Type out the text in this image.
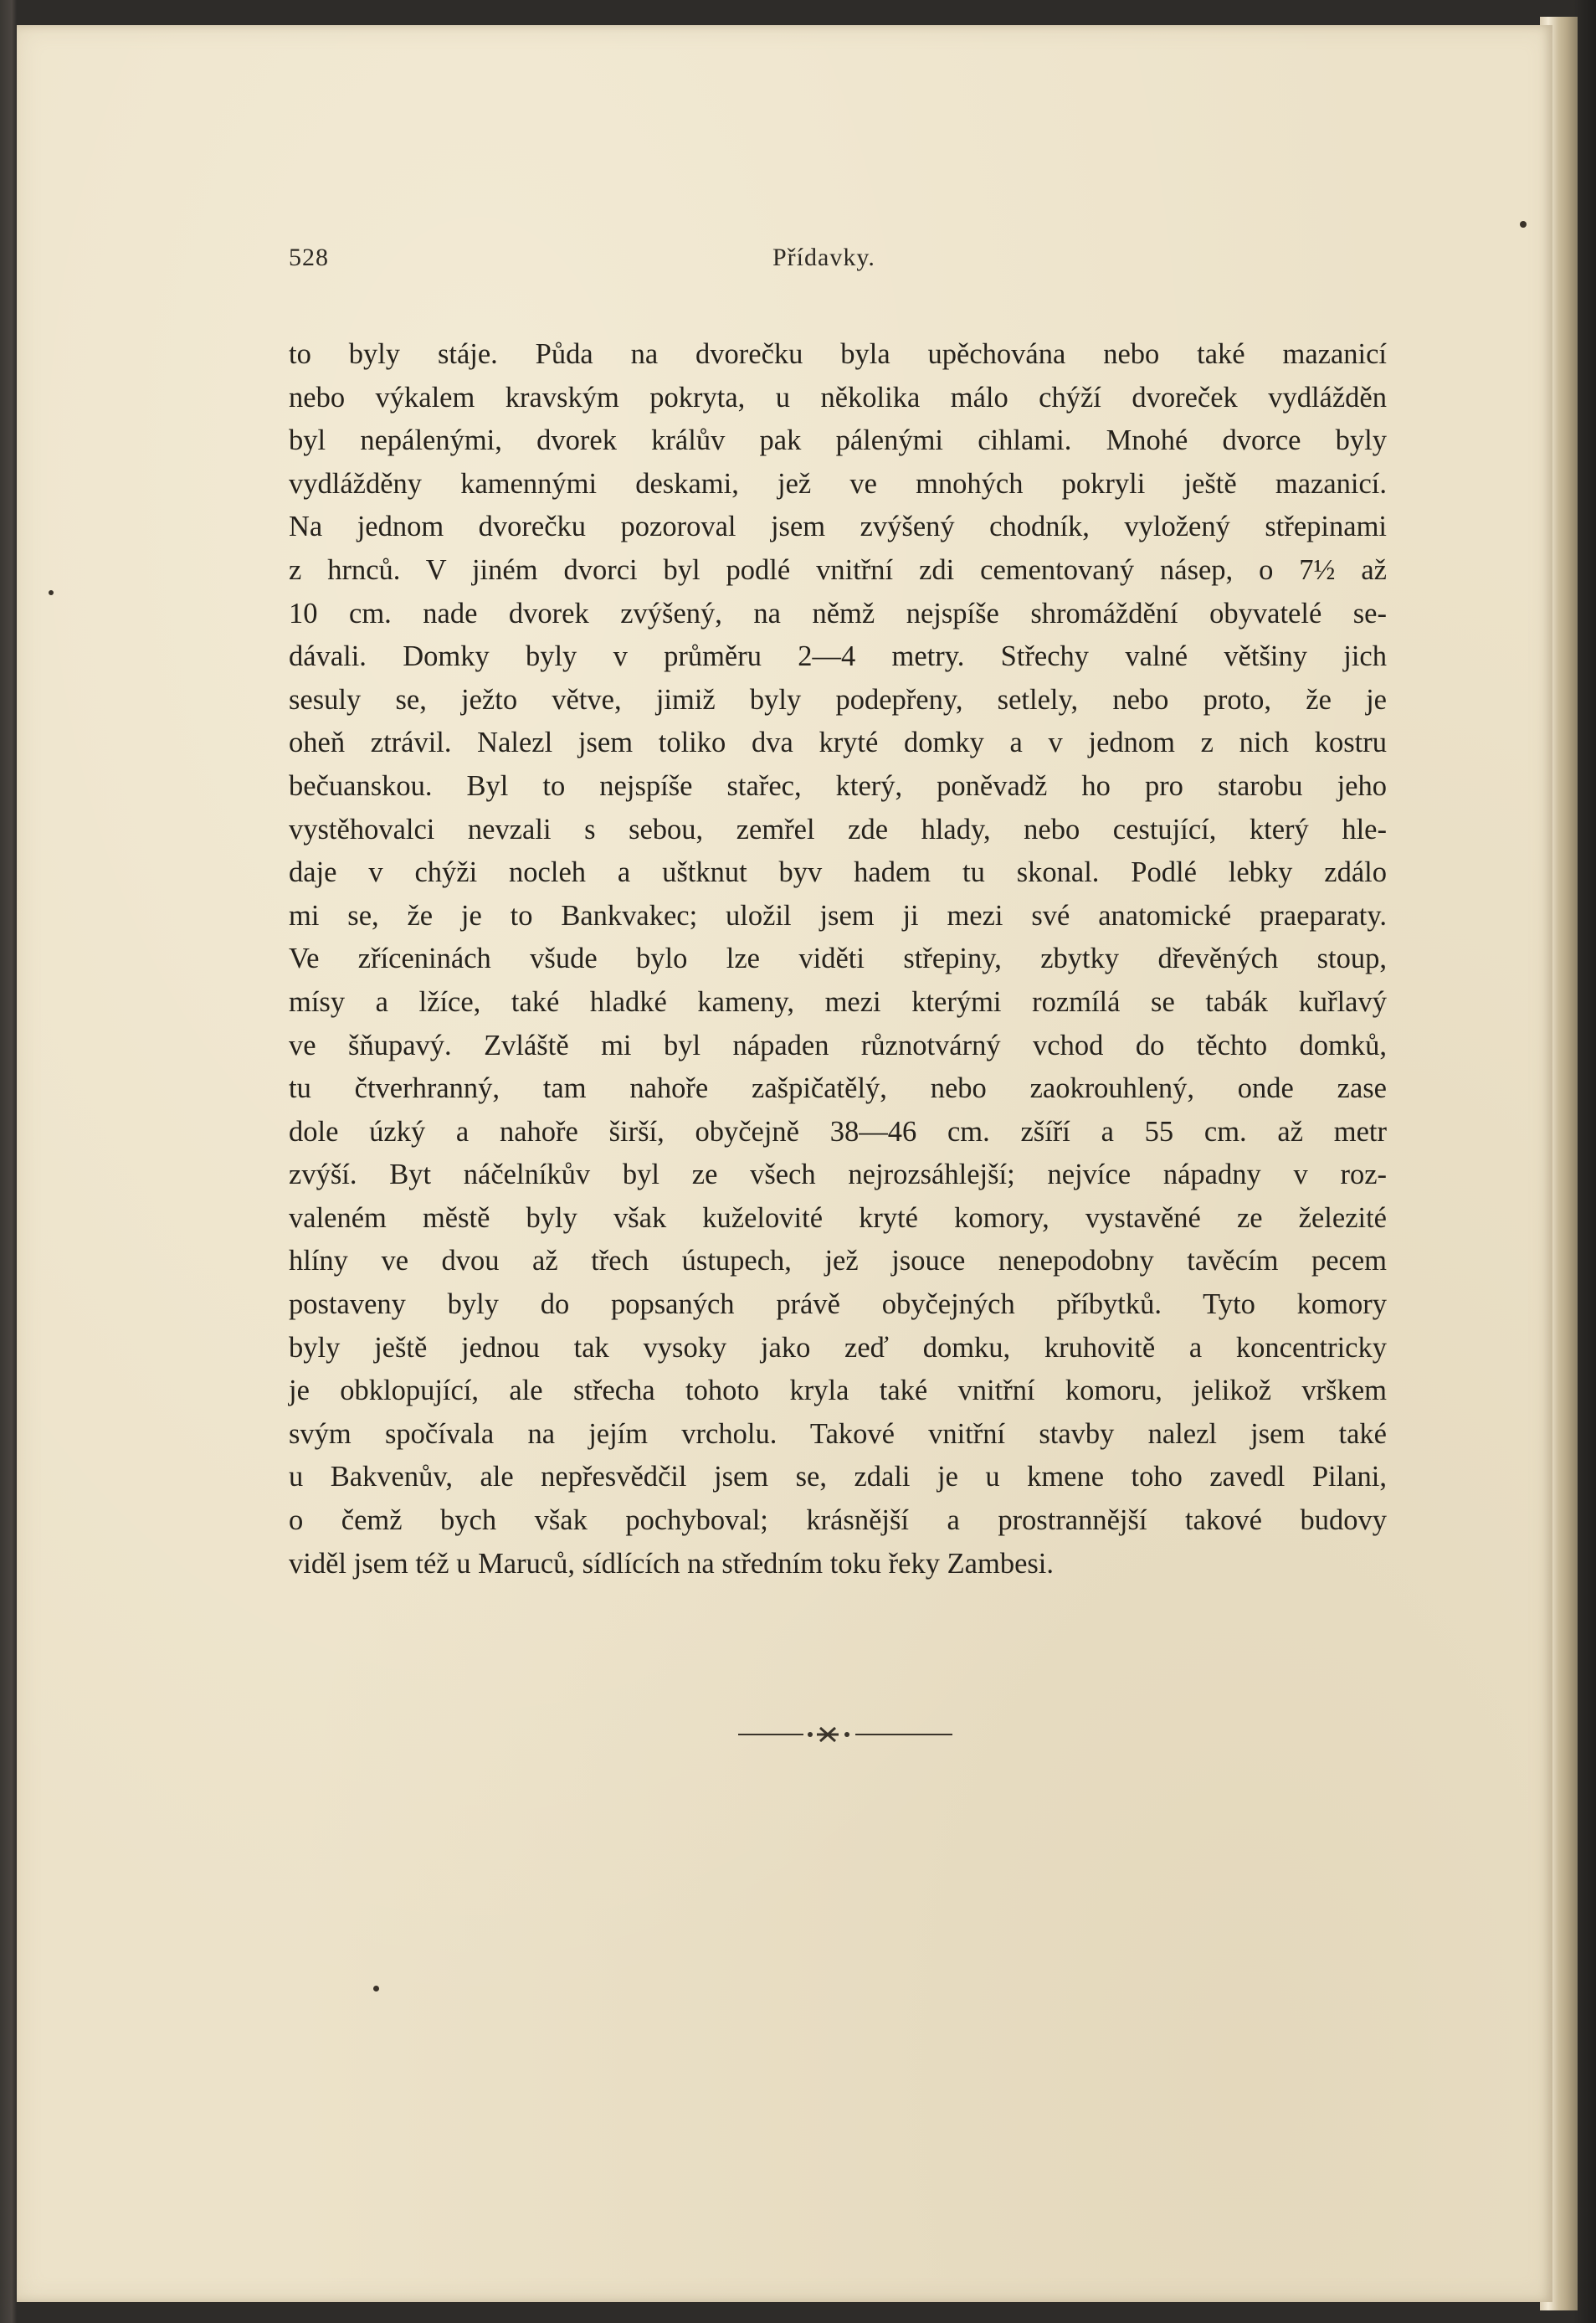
528	Přídavky.
to byly stáje. Půda na dvorečku byla upěchována nebo také mazanicí
nebo výkalem kravským pokryta, u několika málo chýží dvoreček vydlážděn
byl nepálenými, dvorek králův pak pálenými cihlami. Mnohé dvorce byly
vydlážděny kamennými deskami, jež ve mnohých pokryli ještě mazanicí.
Na jednom dvorečku pozoroval jsem zvýšený chodník, vyložený střepinami
z hrnců. V jiném dvorci byl podlé vnitřní zdi cementovaný násep, o 7½ až
10 cm. nade dvorek zvýšený, na němž nejspíše shromáždění obyvatelé se-
dávali. Domky byly v průměru 2—4 metry. Střechy valné většiny jich
sesuly se, ježto větve, jimiž byly podepřeny, setlely, nebo proto, že je
oheň ztrávil. Nalezl jsem toliko dva kryté domky a v jednom z nich kostru
bečuanskou. Byl to nejspíše stařec, který, poněvadž ho pro starobu jeho
vystěhovalci nevzali s sebou, zemřel zde hlady, nebo cestující, který hle-
daje v chýži nocleh a uštknut byv hadem tu skonal. Podlé lebky zdálo
mi se, že je to Bankvakec; uložil jsem ji mezi své anatomické praeparaty.
Ve zříceninách všude bylo lze viděti střepiny, zbytky dřevěných stoup,
mísy a lžíce, také hladké kameny, mezi kterými rozmílá se tabák kuřlavý
ve šňupavý. Zvláště mi byl nápaden různotvárný vchod do těchto domků,
tu čtverhranný, tam nahoře zašpičatělý, nebo zaokrouhlený, onde zase
dole úzký a nahoře širší, obyčejně 38—46 cm. zšíří a 55 cm. až metr
zvýší. Byt náčelníkův byl ze všech nejrozsáhlejší; nejvíce nápadny v roz-
valeném městě byly však kuželovité kryté komory, vystavěné ze železité
hlíny ve dvou až třech ústupech, jež jsouce nenepodobny tavěcím pecem
postaveny byly do popsaných právě obyčejných příbytků. Tyto komory
byly ještě jednou tak vysoky jako zeď domku, kruhovitě a koncentricky
je obklopující, ale střecha tohoto kryla také vnitřní komoru, jelikož vrškem
svým spočívala na jejím vrcholu. Takové vnitřní stavby nalezl jsem také
u Bakvenův, ale nepřesvědčil jsem se, zdali je u kmene toho zavedl Pilani,
o čemž bych však pochyboval; krásnější a prostrannější takové budovy
viděl jsem též u Maruců, sídlících na středním toku řeky Zambesi.
